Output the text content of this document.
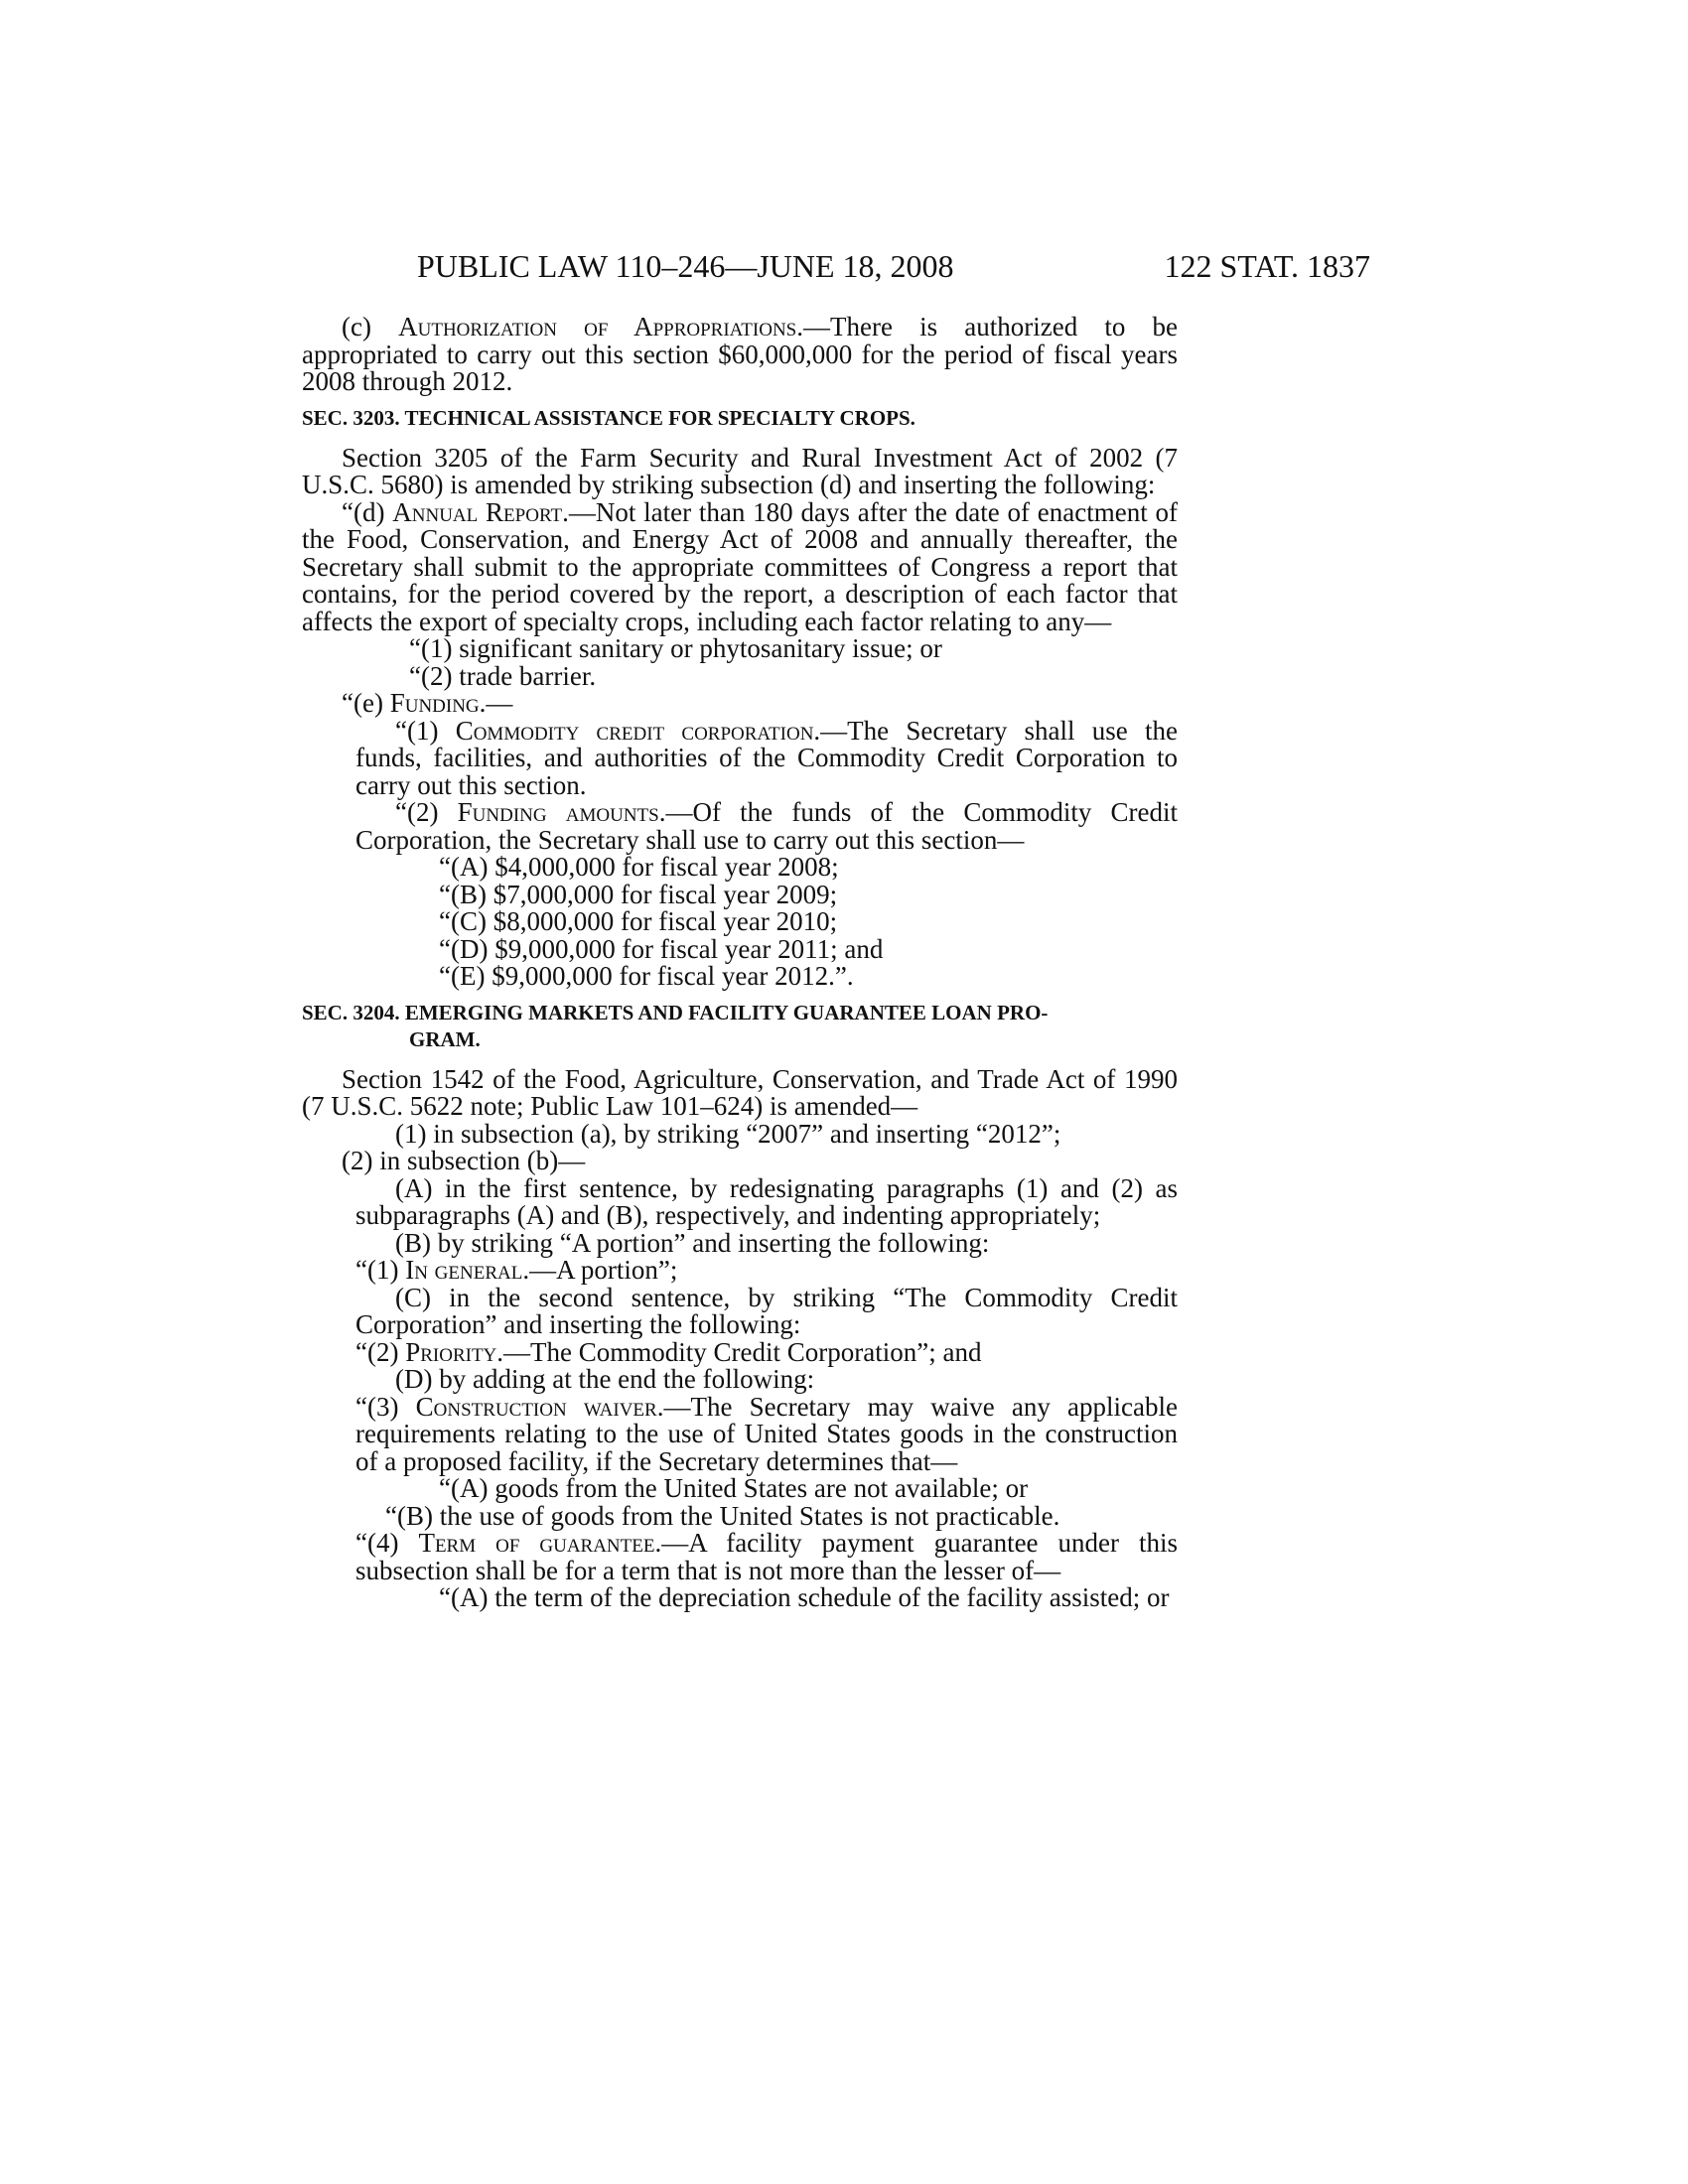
PUBLIC LAW 110–246—JUNE 18, 2008	122 STAT. 1837

(c) Authorization of Appropriations.—There is authorized to be appropriated to carry out this section $60,000,000 for the period of fiscal years 2008 through 2012.

SEC. 3203. TECHNICAL ASSISTANCE FOR SPECIALTY CROPS.

Section 3205 of the Farm Security and Rural Investment Act of 2002 (7 U.S.C. 5680) is amended by striking subsection (d) and inserting the following:

“(d) Annual Report.—Not later than 180 days after the date of enactment of the Food, Conservation, and Energy Act of 2008 and annually thereafter, the Secretary shall submit to the appropriate committees of Congress a report that contains, for the period covered by the report, a description of each factor that affects the export of specialty crops, including each factor relating to any—

“(1) significant sanitary or phytosanitary issue; or

“(2) trade barrier.

“(e) Funding.—

“(1) Commodity credit corporation.—The Secretary shall use the funds, facilities, and authorities of the Commodity Credit Corporation to carry out this section.

“(2) Funding amounts.—Of the funds of the Commodity Credit Corporation, the Secretary shall use to carry out this section—

“(A) $4,000,000 for fiscal year 2008;

“(B) $7,000,000 for fiscal year 2009;

“(C) $8,000,000 for fiscal year 2010;

“(D) $9,000,000 for fiscal year 2011; and

“(E) $9,000,000 for fiscal year 2012.”.

SEC. 3204. EMERGING MARKETS AND FACILITY GUARANTEE LOAN PRO-
GRAM.

Section 1542 of the Food, Agriculture, Conservation, and Trade Act of 1990 (7 U.S.C. 5622 note; Public Law 101–624) is amended—

(1) in subsection (a), by striking “2007” and inserting “2012”;

(2) in subsection (b)—

(A) in the first sentence, by redesignating paragraphs (1) and (2) as subparagraphs (A) and (B), respectively, and indenting appropriately;

(B) by striking “A portion” and inserting the following:

“(1) In general.—A portion”;

(C) in the second sentence, by striking “The Commodity Credit Corporation” and inserting the following:

“(2) Priority.—The Commodity Credit Corporation”; and

(D) by adding at the end the following:

“(3) Construction waiver.—The Secretary may waive any applicable requirements relating to the use of United States goods in the construction of a proposed facility, if the Secretary determines that—

“(A) goods from the United States are not available; or

“(B) the use of goods from the United States is not practicable.

“(4) Term of guarantee.—A facility payment guarantee under this subsection shall be for a term that is not more than the lesser of—

“(A) the term of the depreciation schedule of the facility assisted; or
